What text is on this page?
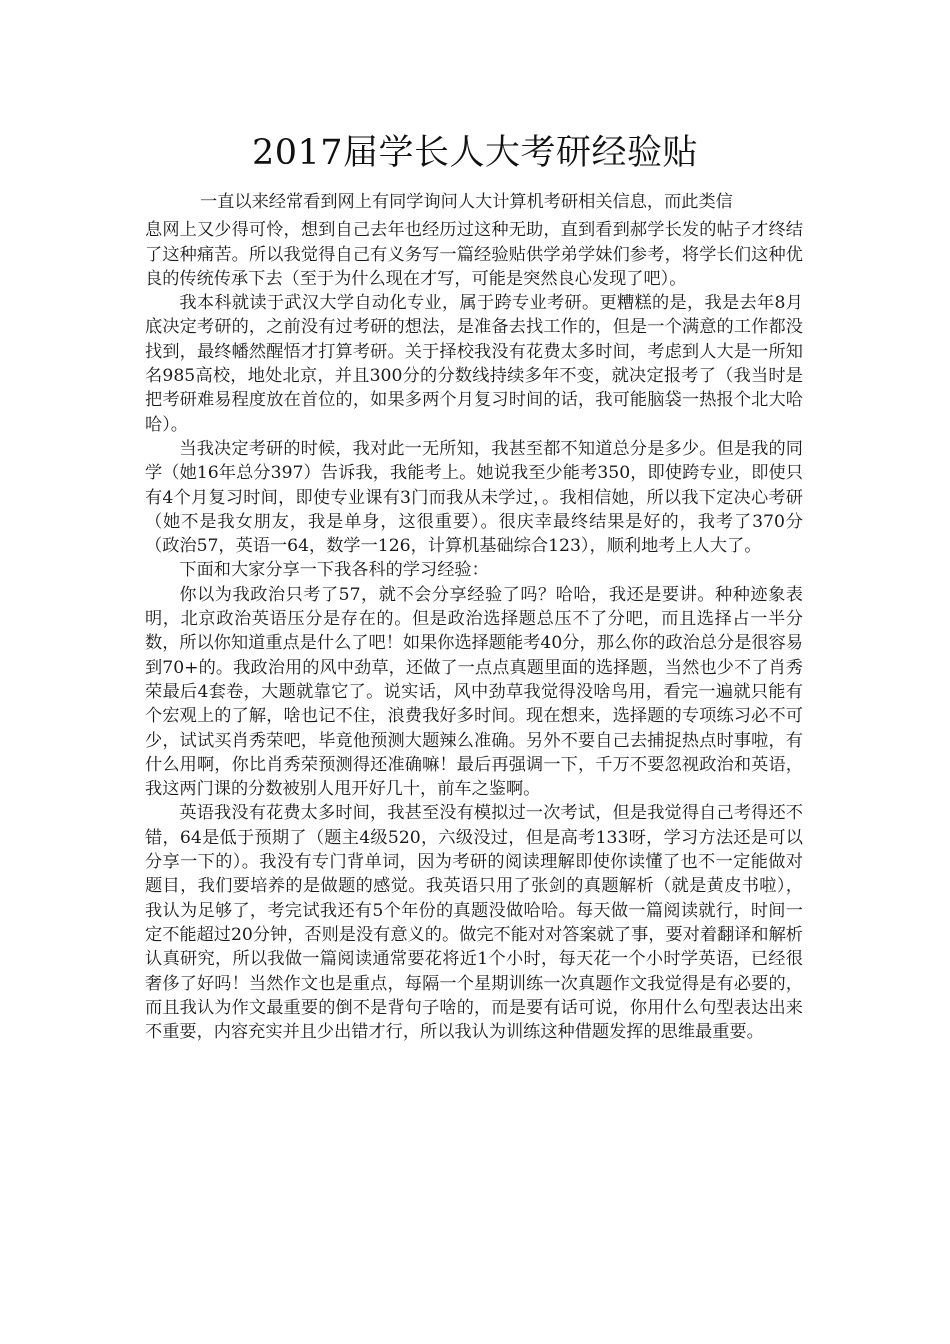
2017届学长人大考研经验贴

一直以来经常看到网上有同学询问人大计算机考研相关信息，而此类信
息网上又少得可怜，想到自己去年也经历过这种无助，直到看到郝学长发的帖子才终结了这种痛苦。所以我觉得自己有义务写一篇经验贴供学弟学妹们参考，将学长们这种优良的传统传承下去（至于为什么现在才写，可能是突然良心发现了吧）。

我本科就读于武汉大学自动化专业，属于跨专业考研。更糟糕的是，我是去年8月底决定考研的，之前没有过考研的想法，是准备去找工作的，但是一个满意的工作都没找到，最终幡然醒悟才打算考研。关于择校我没有花费太多时间，考虑到人大是一所知名985高校，地处北京，并且300分的分数线持续多年不变，就决定报考了（我当时是把考研难易程度放在首位的，如果多两个月复习时间的话，我可能脑袋一热报个北大哈哈）。

当我决定考研的时候，我对此一无所知，我甚至都不知道总分是多少。但是我的同学（她16年总分397）告诉我，我能考上。她说我至少能考350，即使跨专业，即使只有4个月复习时间，即使专业课有3门而我从未学过，。我相信她，所以我下定决心考研（她不是我女朋友，我是单身，这很重要）。很庆幸最终结果是好的，我考了370分（政治57，英语一64，数学一126，计算机基础综合123），顺利地考上人大了。

下面和大家分享一下我各科的学习经验：

你以为我政治只考了57，就不会分享经验了吗？哈哈，我还是要讲。种种迹象表明，北京政治英语压分是存在的。但是政治选择题总压不了分吧，而且选择占一半分数，所以你知道重点是什么了吧！如果你选择题能考40分，那么你的政治总分是很容易到70+的。我政治用的风中劲草，还做了一点点真题里面的选择题，当然也少不了肖秀荣最后4套卷，大题就靠它了。说实话，风中劲草我觉得没啥鸟用，看完一遍就只能有个宏观上的了解，啥也记不住，浪费我好多时间。现在想来，选择题的专项练习必不可少，试试买肖秀荣吧，毕竟他预测大题辣么准确。另外不要自己去捕捉热点时事啦，有什么用啊，你比肖秀荣预测得还准确嘛！最后再强调一下，千万不要忽视政治和英语，我这两门课的分数被别人甩开好几十，前车之鉴啊。

英语我没有花费太多时间，我甚至没有模拟过一次考试，但是我觉得自己考得还不错，64是低于预期了（题主4级520，六级没过，但是高考133呀，学习方法还是可以分享一下的）。我没有专门背单词，因为考研的阅读理解即使你读懂了也不一定能做对题目，我们要培养的是做题的感觉。我英语只用了张剑的真题解析（就是黄皮书啦），我认为足够了，考完试我还有5个年份的真题没做哈哈。每天做一篇阅读就行，时间一定不能超过20分钟，否则是没有意义的。做完不能对对答案就了事，要对着翻译和解析认真研究，所以我做一篇阅读通常要花将近1个小时，每天花一个小时学英语，已经很奢侈了好吗！当然作文也是重点，每隔一个星期训练一次真题作文我觉得是有必要的，而且我认为作文最重要的倒不是背句子啥的，而是要有话可说，你用什么句型表达出来不重要，内容充实并且少出错才行，所以我认为训练这种借题发挥的思维最重要。
